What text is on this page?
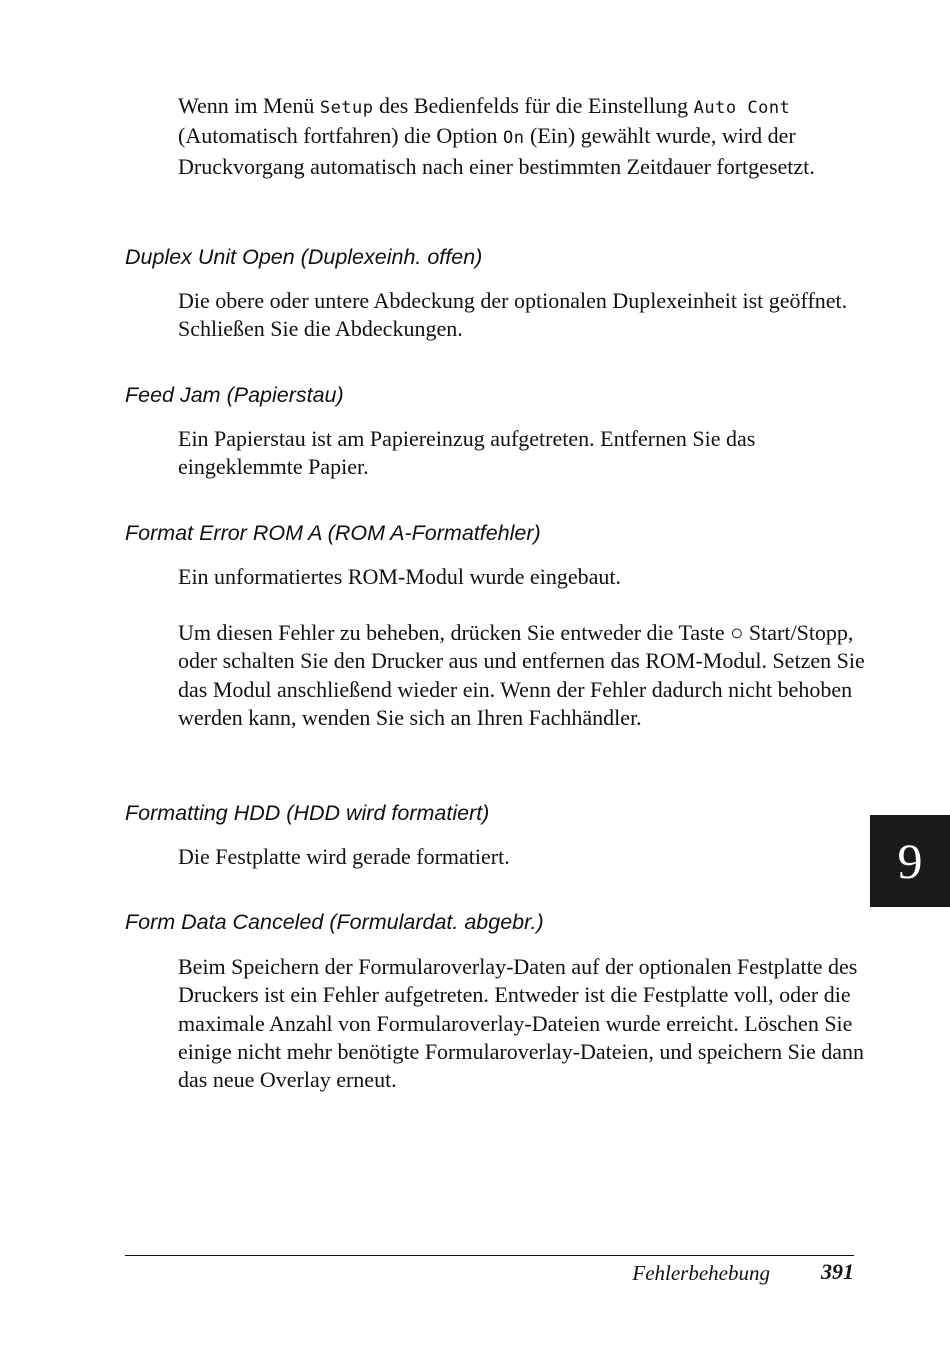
Wenn im Menü Setup des Bedienfelds für die Einstellung Auto Cont (Automatisch fortfahren) die Option On (Ein) gewählt wurde, wird der Druckvorgang automatisch nach einer bestimmten Zeitdauer fortgesetzt.

Duplex Unit Open (Duplexeinh. offen)

Die obere oder untere Abdeckung der optionalen Duplexeinheit ist geöffnet. Schließen Sie die Abdeckungen.

Feed Jam (Papierstau)

Ein Papierstau ist am Papiereinzug aufgetreten. Entfernen Sie das eingeklemmte Papier.

Format Error ROM A (ROM A-Formatfehler)

Ein unformatiertes ROM-Modul wurde eingebaut.

Um diesen Fehler zu beheben, drücken Sie entweder die Taste ○ Start/Stopp, oder schalten Sie den Drucker aus und entfernen das ROM-Modul. Setzen Sie das Modul anschließend wieder ein. Wenn der Fehler dadurch nicht behoben werden kann, wenden Sie sich an Ihren Fachhändler.

Formatting HDD (HDD wird formatiert)

Die Festplatte wird gerade formatiert.

Form Data Canceled (Formulardat. abgebr.)

Beim Speichern der Formularoverlay-Daten auf der optionalen Festplatte des Druckers ist ein Fehler aufgetreten. Entweder ist die Festplatte voll, oder die maximale Anzahl von Formularoverlay-Dateien wurde erreicht. Löschen Sie einige nicht mehr benötigte Formularoverlay-Dateien, und speichern Sie dann das neue Overlay erneut.

9
Fehlerbehebung 391
